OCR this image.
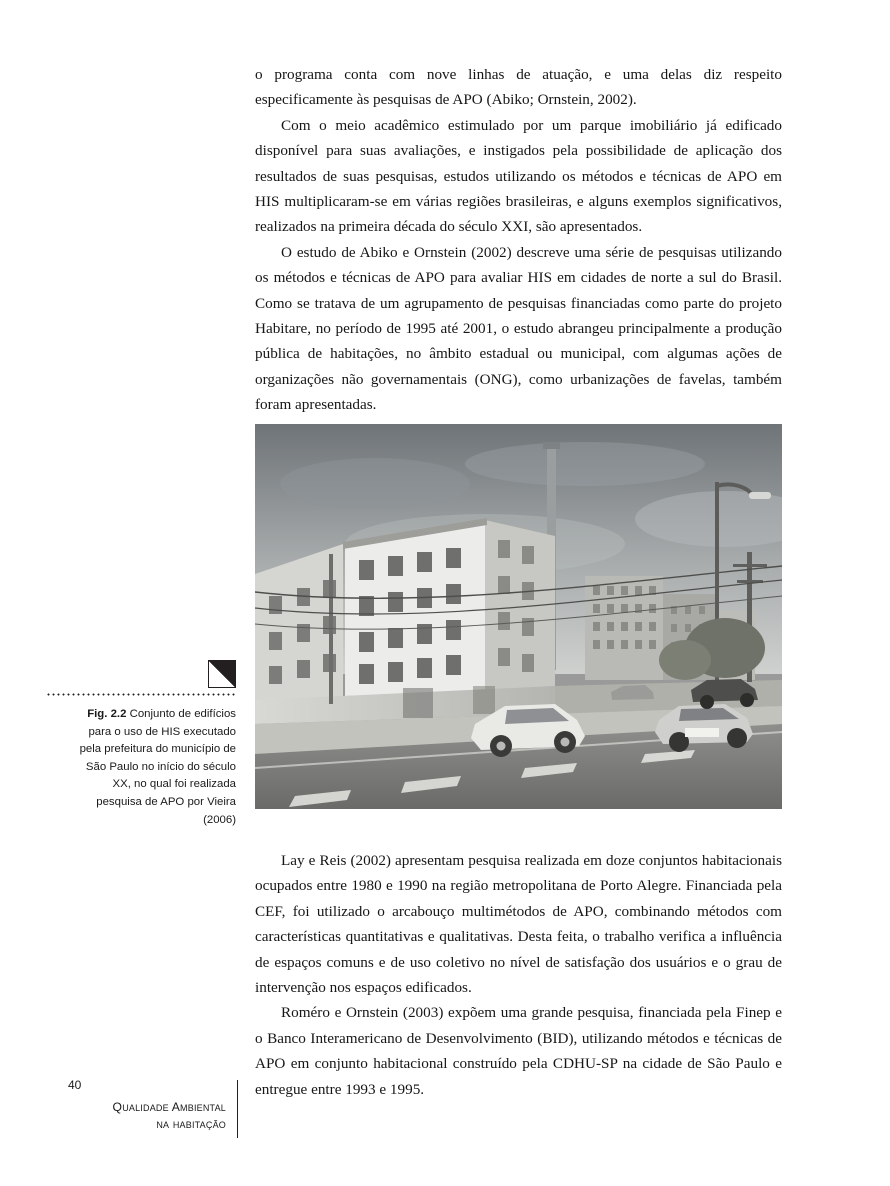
o programa conta com nove linhas de atuação, e uma delas diz respeito especificamente às pesquisas de APO (Abiko; Ornstein, 2002).

Com o meio acadêmico estimulado por um parque imobiliário já edificado disponível para suas avaliações, e instigados pela possibilidade de aplicação dos resultados de suas pesquisas, estudos utilizando os métodos e técnicas de APO em HIS multiplicaram-se em várias regiões brasileiras, e alguns exemplos significativos, realizados na primeira década do século XXI, são apresentados.

O estudo de Abiko e Ornstein (2002) descreve uma série de pesquisas utilizando os métodos e técnicas de APO para avaliar HIS em cidades de norte a sul do Brasil. Como se tratava de um agrupamento de pesquisas financiadas como parte do projeto Habitare, no período de 1995 até 2001, o estudo abrangeu principalmente a produção pública de habitações, no âmbito estadual ou municipal, com algumas ações de organizações não governamentais (ONG), como urbanizações de favelas, também foram apresentadas.

Fig. 2.2 Conjunto de edifícios para o uso de HIS executado pela prefeitura do município de São Paulo no início do século XX, no qual foi realizada pesquisa de APO por Vieira (2006)

Lay e Reis (2002) apresentam pesquisa realizada em doze conjuntos habitacionais ocupados entre 1980 e 1990 na região metropolitana de Porto Alegre. Financiada pela CEF, foi utilizado o arcabouço multimétodos de APO, combinando métodos com características quantitativas e qualitativas. Desta feita, o trabalho verifica a influência de espaços comuns e de uso coletivo no nível de satisfação dos usuários e o grau de intervenção nos espaços edificados.

Roméro e Ornstein (2003) expõem uma grande pesquisa, financiada pela Finep e o Banco Interamericano de Desenvolvimento (BID), utilizando métodos e técnicas de APO em conjunto habitacional construído pela CDHU-SP na cidade de São Paulo e entregue entre 1993 e 1995.

40
Qualidade Ambiental
na habitação
